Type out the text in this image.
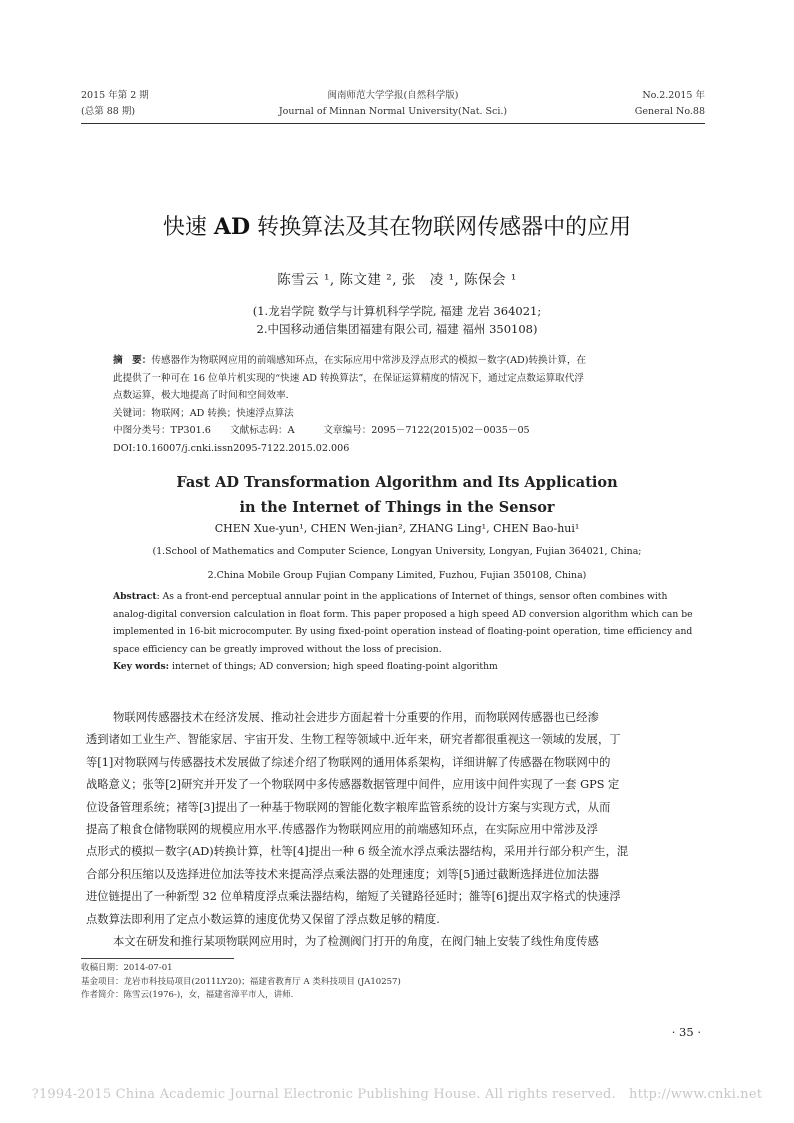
2015 年第 2 期	闽南师范大学学报(自然科学版)	No.2.2015 年
(总第 88 期)	Journal of Minnan Normal University(Nat. Sci.)	General No.88
快速 AD 转换算法及其在物联网传感器中的应用
陈雪云 ¹, 陈文建 ², 张　凌 ¹, 陈保会 ¹
(1.龙岩学院 数学与计算机科学学院, 福建 龙岩 364021;
2.中国移动通信集团福建有限公司, 福建 福州 350108)
摘　要：传感器作为物联网应用的前端感知环点，在实际应用中常涉及浮点形式的模拟－数字(AD)转换计算，在
此提供了一种可在 16 位单片机实现的“快速 AD 转换算法”，在保证运算精度的情况下，通过定点数运算取代浮
点数运算，极大地提高了时间和空间效率.
关键词：物联网；AD 转换；快速浮点算法
中图分类号：TP301.6　　文献标志码：A　　　文章编号：2095－7122(2015)02－0035－05
DOI:10.16007/j.cnki.issn2095-7122.2015.02.006
Fast AD Transformation Algorithm and Its Application
in the Internet of Things in the Sensor
CHEN Xue-yun¹, CHEN Wen-jian², ZHANG Ling¹, CHEN Bao-hui¹
(1.School of Mathematics and Computer Science, Longyan University, Longyan, Fujian 364021, China;
2.China Mobile Group Fujian Company Limited, Fuzhou, Fujian 350108, China)
Abstract: As a front-end perceptual annular point in the applications of Internet of things, sensor often combines with
analog-digital conversion calculation in float form. This paper proposed a high speed AD conversion algorithm which can be
implemented in 16-bit microcomputer. By using fixed-point operation instead of floating-point operation, time efficiency and
space efficiency can be greatly improved without the loss of precision.
Key words: internet of things; AD conversion; high speed floating-point algorithm
物联网传感器技术在经济发展、推动社会进步方面起着十分重要的作用，而物联网传感器也已经渗
透到诸如工业生产、智能家居、宇宙开发、生物工程等领域中.近年来，研究者都很重视这一领域的发展，丁
等[1]对物联网与传感器技术发展做了综述介绍了物联网的通用体系架构，详细讲解了传感器在物联网中的
战略意义；张等[2]研究并开发了一个物联网中多传感器数据管理中间件，应用该中间件实现了一套 GPS 定
位设备管理系统；褚等[3]提出了一种基于物联网的智能化数字粮库监管系统的设计方案与实现方式，从而
提高了粮食仓储物联网的规模应用水平.传感器作为物联网应用的前端感知环点，在实际应用中常涉及浮
点形式的模拟－数字(AD)转换计算，杜等[4]提出一种 6 级全流水浮点乘法器结构，采用并行部分积产生，混
合部分积压缩以及选择进位加法等技术来提高浮点乘法器的处理速度；刘等[5]通过截断选择进位加法器
进位链提出了一种新型 32 位单精度浮点乘法器结构，缩短了关键路径延时；雒等[6]提出双字格式的快速浮
点数算法即利用了定点小数运算的速度优势又保留了浮点数足够的精度.
本文在研发和推行某项物联网应用时，为了检测阀门打开的角度，在阀门轴上安装了线性角度传感
收稿日期：2014-07-01
基金项目：龙岩市科技局项目(2011LY20)；福建省教育厅 A 类科技项目 (JA10257)
作者简介：陈雪云(1976-)，女，福建省漳平市人，讲师.
· 35 ·
?1994-2015 China Academic Journal Electronic Publishing House. All rights reserved.　http://www.cnki.net
